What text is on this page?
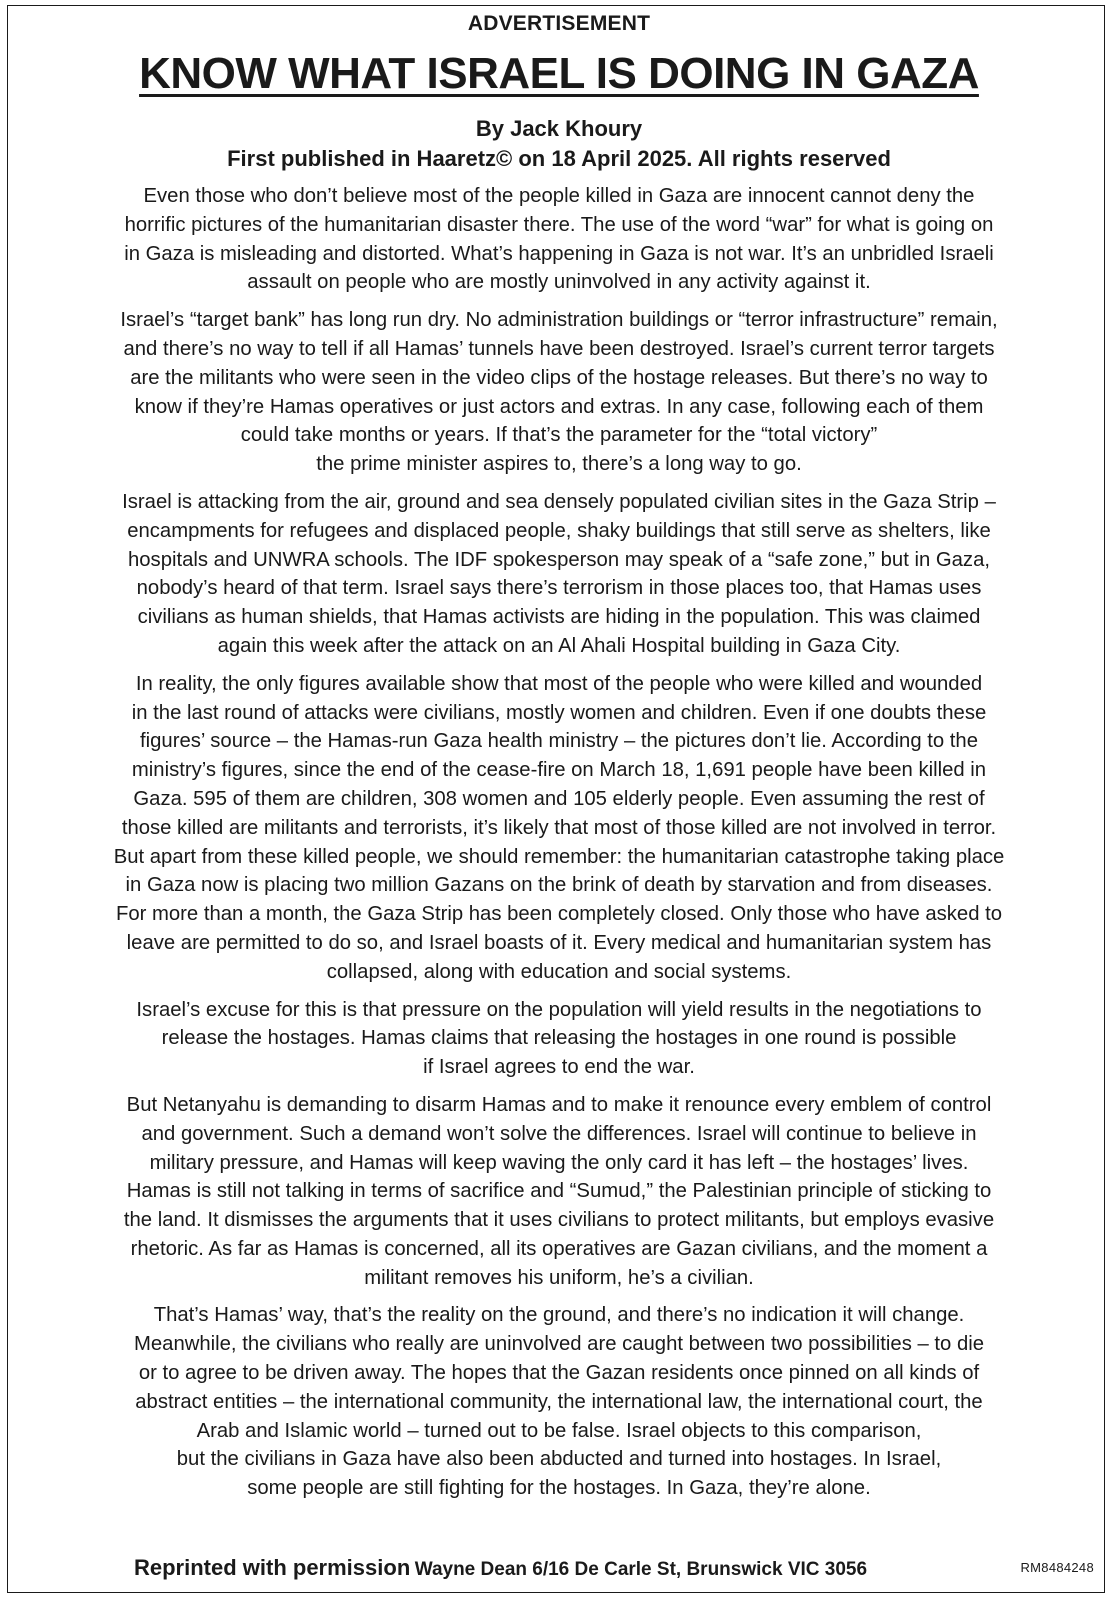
ADVERTISEMENT
KNOW WHAT ISRAEL IS DOING IN GAZA
By Jack Khoury
First published in Haaretz© on 18 April 2025. All rights reserved

Even those who don’t believe most of the people killed in Gaza are innocent cannot deny the
horrific pictures of the humanitarian disaster there. The use of the word “war” for what is going on
in Gaza is misleading and distorted. What’s happening in Gaza is not war. It’s an unbridled Israeli
assault on people who are mostly uninvolved in any activity against it.

Israel’s “target bank” has long run dry. No administration buildings or “terror infrastructure” remain,
and there’s no way to tell if all Hamas’ tunnels have been destroyed. Israel’s current terror targets
are the militants who were seen in the video clips of the hostage releases. But there’s no way to
know if they’re Hamas operatives or just actors and extras. In any case, following each of them
could take months or years. If that’s the parameter for the “total victory”
the prime minister aspires to, there’s a long way to go.

Israel is attacking from the air, ground and sea densely populated civilian sites in the Gaza Strip –
encampments for refugees and displaced people, shaky buildings that still serve as shelters, like
hospitals and UNWRA schools. The IDF spokesperson may speak of a “safe zone,” but in Gaza,
nobody’s heard of that term. Israel says there’s terrorism in those places too, that Hamas uses
civilians as human shields, that Hamas activists are hiding in the population. This was claimed
again this week after the attack on an Al Ahali Hospital building in Gaza City.

In reality, the only figures available show that most of the people who were killed and wounded
in the last round of attacks were civilians, mostly women and children. Even if one doubts these
figures’ source – the Hamas-run Gaza health ministry – the pictures don’t lie. According to the
ministry’s figures, since the end of the cease-fire on March 18, 1,691 people have been killed in
Gaza. 595 of them are children, 308 women and 105 elderly people. Even assuming the rest of
those killed are militants and terrorists, it’s likely that most of those killed are not involved in terror.
But apart from these killed people, we should remember: the humanitarian catastrophe taking place
in Gaza now is placing two million Gazans on the brink of death by starvation and from diseases.
For more than a month, the Gaza Strip has been completely closed. Only those who have asked to
leave are permitted to do so, and Israel boasts of it. Every medical and humanitarian system has
collapsed, along with education and social systems.

Israel’s excuse for this is that pressure on the population will yield results in the negotiations to
release the hostages. Hamas claims that releasing the hostages in one round is possible
if Israel agrees to end the war.

But Netanyahu is demanding to disarm Hamas and to make it renounce every emblem of control
and government. Such a demand won’t solve the differences. Israel will continue to believe in
military pressure, and Hamas will keep waving the only card it has left – the hostages’ lives.
Hamas is still not talking in terms of sacrifice and “Sumud,” the Palestinian principle of sticking to
the land. It dismisses the arguments that it uses civilians to protect militants, but employs evasive
rhetoric. As far as Hamas is concerned, all its operatives are Gazan civilians, and the moment a
militant removes his uniform, he’s a civilian.

That’s Hamas’ way, that’s the reality on the ground, and there’s no indication it will change.
Meanwhile, the civilians who really are uninvolved are caught between two possibilities – to die
or to agree to be driven away. The hopes that the Gazan residents once pinned on all kinds of
abstract entities – the international community, the international law, the international court, the
Arab and Islamic world – turned out to be false. Israel objects to this comparison,
but the civilians in Gaza have also been abducted and turned into hostages. In Israel,
some people are still fighting for the hostages. In Gaza, they’re alone.

Reprinted with permission Wayne Dean 6/16 De Carle St, Brunswick VIC 3056	RM8484248
